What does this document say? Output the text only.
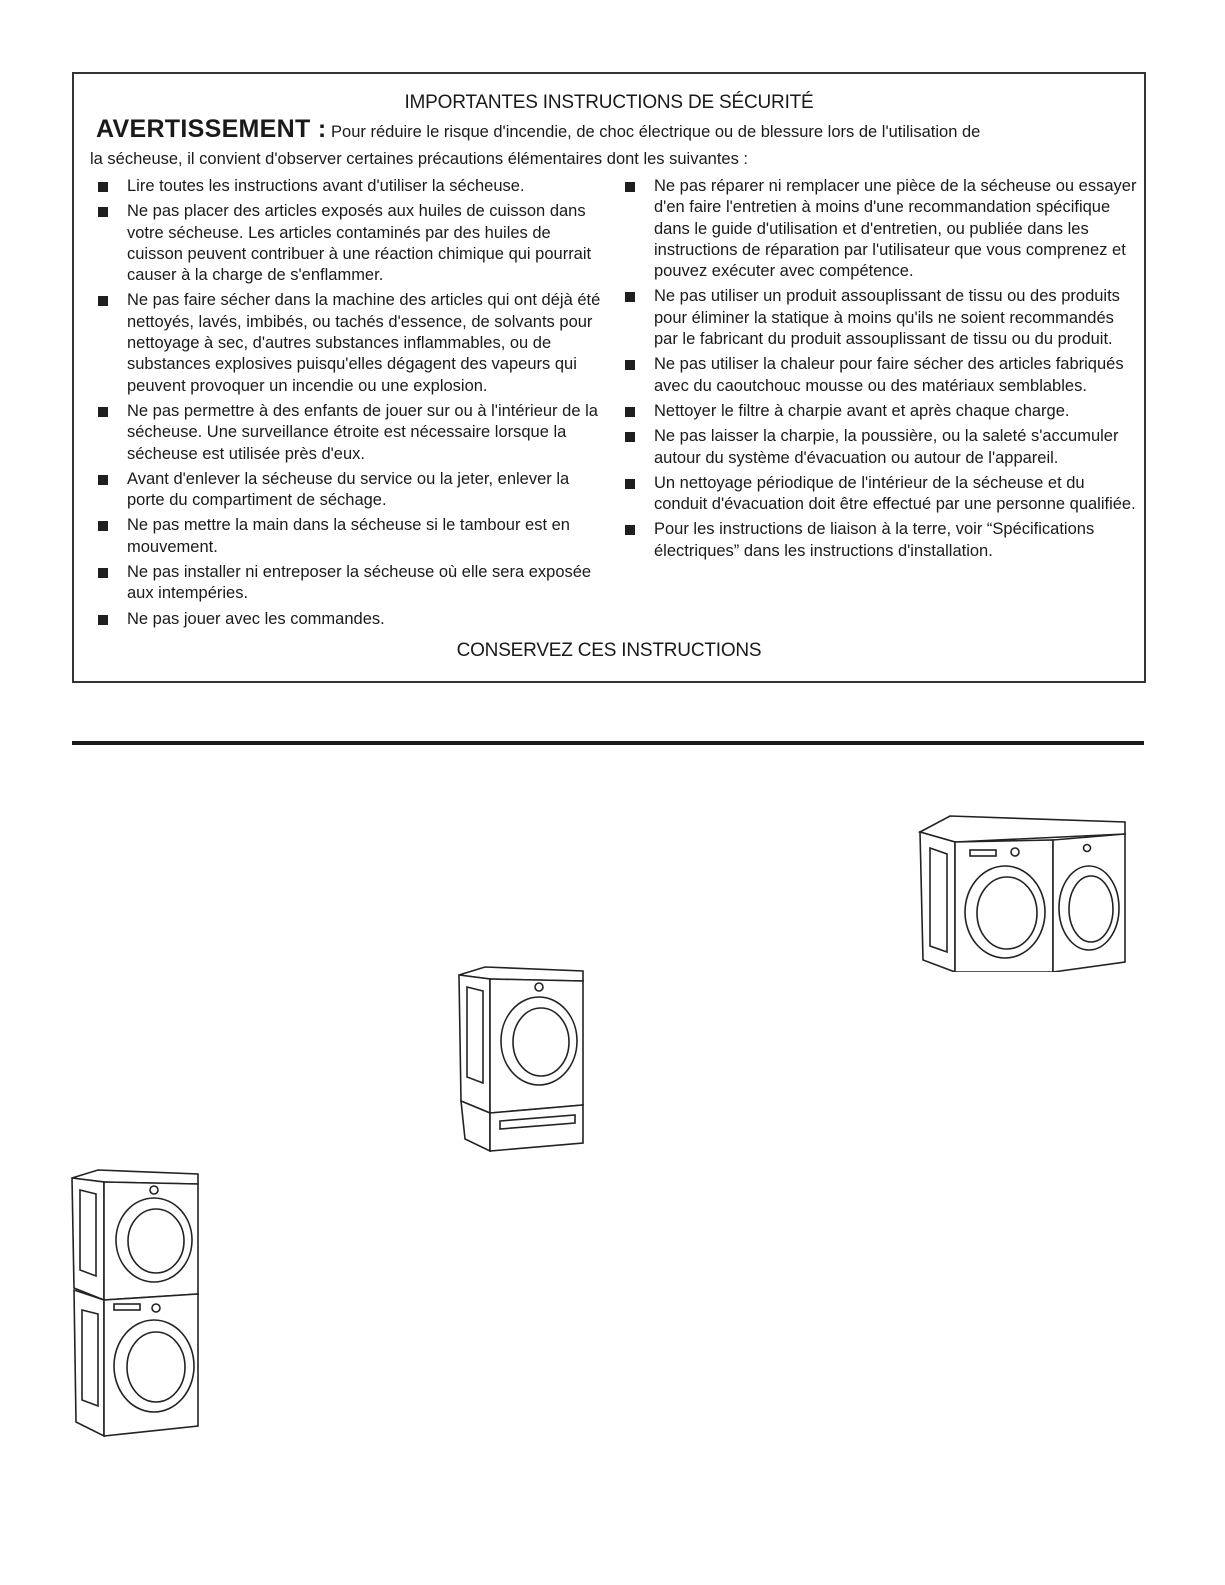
IMPORTANTES INSTRUCTIONS DE SÉCURITÉ
AVERTISSEMENT : Pour réduire le risque d'incendie, de choc électrique ou de blessure lors de l'utilisation de
la sécheuse, il convient d'observer certaines précautions élémentaires dont les suivantes :
Lire toutes les instructions avant d'utiliser la sécheuse.
Ne pas placer des articles exposés aux huiles de cuisson dans votre sécheuse. Les articles contaminés par des huiles de cuisson peuvent contribuer à une réaction chimique qui pourrait causer à la charge de s'enflammer.
Ne pas faire sécher dans la machine des articles qui ont déjà été nettoyés, lavés, imbibés, ou tachés d'essence, de solvants pour nettoyage à sec, d'autres substances inflammables, ou de substances explosives puisqu'elles dégagent des vapeurs qui peuvent provoquer un incendie ou une explosion.
Ne pas permettre à des enfants de jouer sur ou à l'intérieur de la sécheuse. Une surveillance étroite est nécessaire lorsque la sécheuse est utilisée près d'eux.
Avant d'enlever la sécheuse du service ou la jeter, enlever la porte du compartiment de séchage.
Ne pas mettre la main dans la sécheuse si le tambour est en mouvement.
Ne pas installer ni entreposer la sécheuse où elle sera exposée aux intempéries.
Ne pas jouer avec les commandes.
Ne pas réparer ni remplacer une pièce de la sécheuse ou essayer d'en faire l'entretien à moins d'une recommandation spécifique dans le guide d'utilisation et d'entretien, ou publiée dans les instructions de réparation par l'utilisateur que vous comprenez et pouvez exécuter avec compétence.
Ne pas utiliser un produit assouplissant de tissu ou des produits pour éliminer la statique à moins qu'ils ne soient recommandés par le fabricant du produit assouplissant de tissu ou du produit.
Ne pas utiliser la chaleur pour faire sécher des articles fabriqués avec du caoutchouc mousse ou des matériaux semblables.
Nettoyer le filtre à charpie avant et après chaque charge.
Ne pas laisser la charpie, la poussière, ou la saleté s'accumuler autour du système d'évacuation ou autour de l'appareil.
Un nettoyage périodique de l'intérieur de la sécheuse et du conduit d'évacuation doit être effectué par une personne qualifiée.
Pour les instructions de liaison à la terre, voir “Spécifications électriques” dans les instructions d'installation.
CONSERVEZ CES INSTRUCTIONS
